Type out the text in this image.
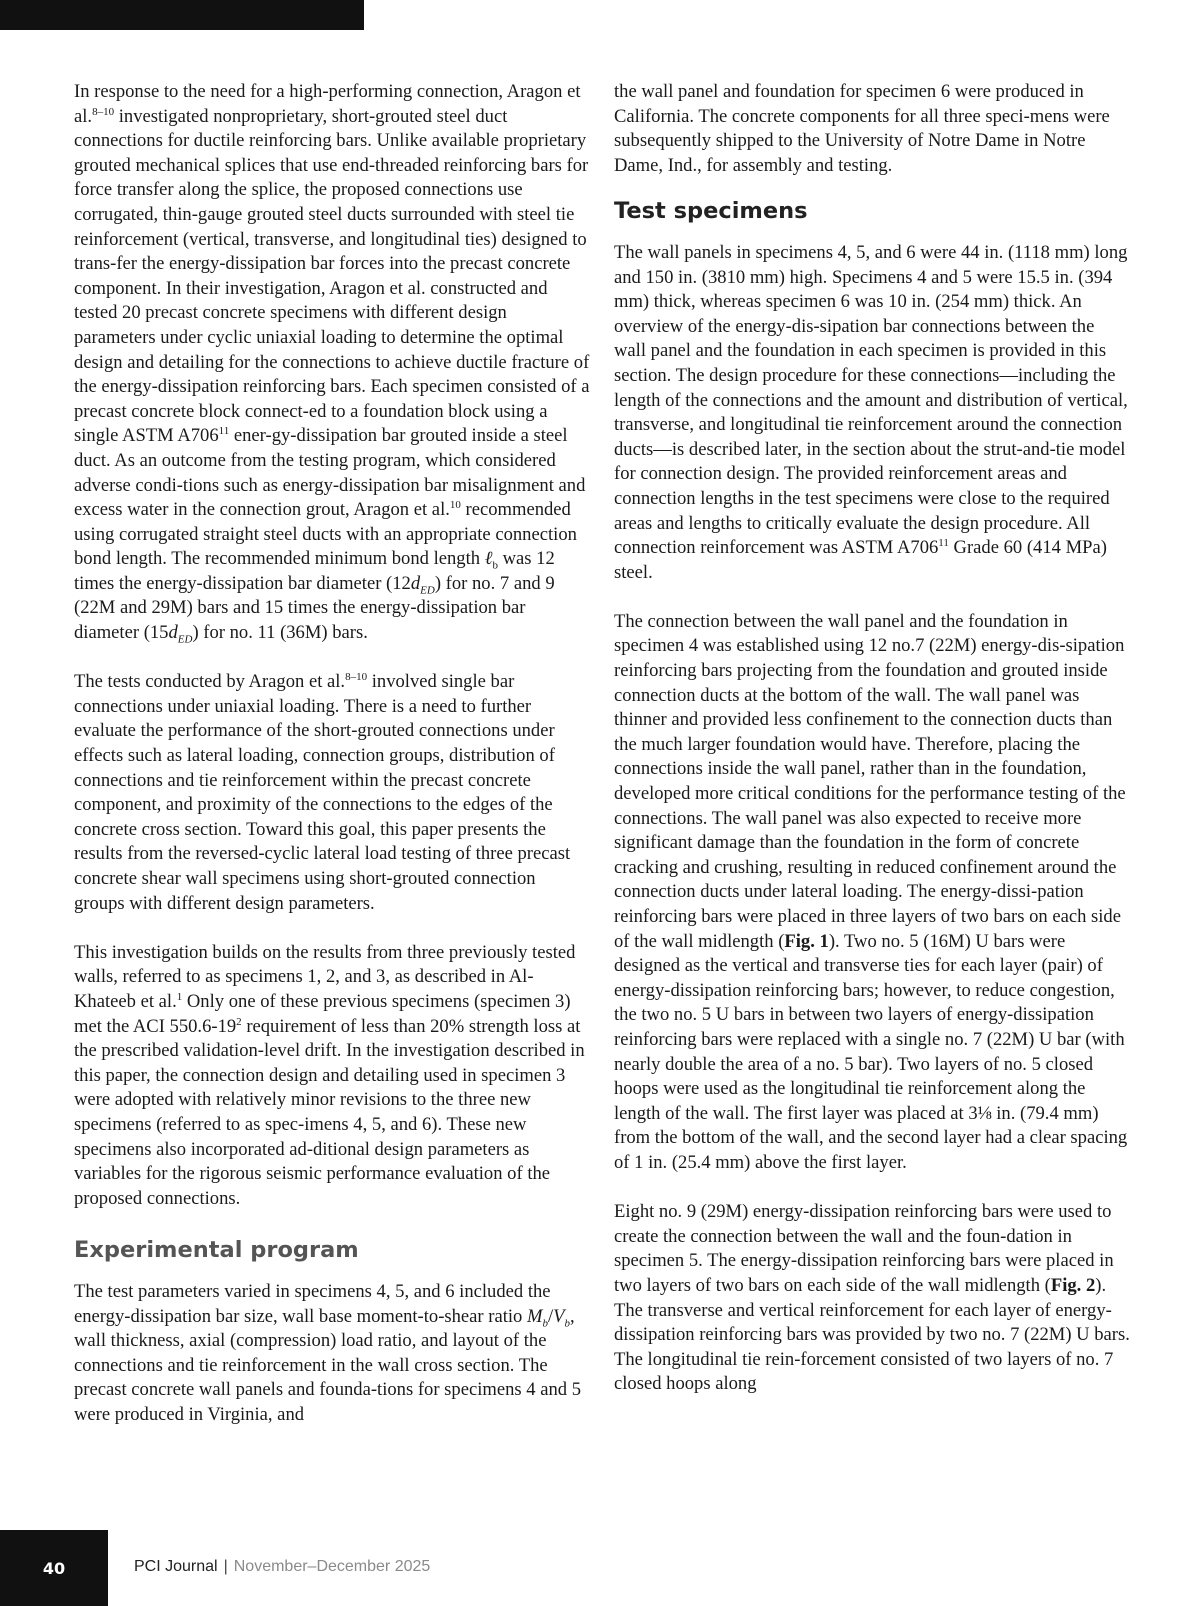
In response to the need for a high-performing connection, Aragon et al.$^{8-10}$ investigated nonproprietary, short-grouted steel duct connections for ductile reinforcing bars. Unlike available proprietary grouted mechanical splices that use end-threaded reinforcing bars for force transfer along the splice, the proposed connections use corrugated, thin-gauge grouted steel ducts surrounded with steel tie reinforcement (vertical, transverse, and longitudinal ties) designed to trans-fer the energy-dissipation bar forces into the precast concrete component. In their investigation, Aragon et al. constructed and tested 20 precast concrete specimens with different design parameters under cyclic uniaxial loading to determine the optimal design and detailing for the connections to achieve ductile fracture of the energy-dissipation reinforcing bars. Each specimen consisted of a precast concrete block connect-ed to a foundation block using a single ASTM $A706^{11}$ ener-gy-dissipation bar grouted inside a steel duct. As an outcome from the testing program, which considered adverse condi-tions such as energy-dissipation bar misalignment and excess water in the connection grout, Aragon et al.$^{10}$ recommended using corrugated straight steel ducts with an appropriate connection bond length. The recommended minimum bond length ℓ$_b$ was 12 times the energy-dissipation bar diameter $(12d_{ED})$ for no. 7 and 9 (22M and 29M) bars and 15 times the energy-dissipation bar diameter $(15d_{ED})$ for no. 11 (36M) bars.

The tests conducted by Aragon et al.$^{8-10}$ involved single bar connections under uniaxial loading. There is a need to further evaluate the performance of the short-grouted connections under effects such as lateral loading, connection groups, distribution of connections and tie reinforcement within the precast concrete component, and proximity of the connections to the edges of the concrete cross section. Toward this goal, this paper presents the results from the reversed-cyclic lateral load testing of three precast concrete shear wall specimens using short-grouted connection groups with different design parameters.

This investigation builds on the results from three previously tested walls, referred to as specimens 1, 2, and 3, as described in Al-Khateeb et al.$^1$ Only one of these previous specimens (specimen 3) met the ACI $550.6-19^2$ requirement of less than 20% strength loss at the prescribed validation-level drift. In the investigation described in this paper, the connection design and detailing used in specimen 3 were adopted with relatively minor revisions to the three new specimens (referred to as spec-imens 4, 5, and 6). These new specimens also incorporated ad-ditional design parameters as variables for the rigorous seismic performance evaluation of the proposed connections.

Experimental program

The test parameters varied in specimens 4, 5, and 6 included the energy-dissipation bar size, wall base moment-to-shear ratio $M_b/V_b$, wall thickness, axial (compression) load ratio, and layout of the connections and tie reinforcement in the wall cross section. The precast concrete wall panels and founda-tions for specimens 4 and 5 were produced in Virginia, and

the wall panel and foundation for specimen 6 were produced in California. The concrete components for all three speci-mens were subsequently shipped to the University of Notre Dame in Notre Dame, Ind., for assembly and testing.

Test specimens

The wall panels in specimens 4, 5, and 6 were 44 in. (1118 mm) long and 150 in. (3810 mm) high. Specimens 4 and 5 were 15.5 in. (394 mm) thick, whereas specimen 6 was 10 in. (254 mm) thick. An overview of the energy-dis-sipation bar connections between the wall panel and the foundation in each specimen is provided in this section. The design procedure for these connections—including the length of the connections and the amount and distribution of vertical, transverse, and longitudinal tie reinforcement around the connection ducts—is described later, in the section about the strut-and-tie model for connection design. The provided reinforcement areas and connection lengths in the test specimens were close to the required areas and lengths to critically evaluate the design procedure. All connection reinforcement was ASTM $A706^{11}$ Grade 60 (414 MPa) steel.

The connection between the wall panel and the foundation in specimen 4 was established using 12 no.7 (22M) energy-dis-sipation reinforcing bars projecting from the foundation and grouted inside connection ducts at the bottom of the wall. The wall panel was thinner and provided less confinement to the connection ducts than the much larger foundation would have. Therefore, placing the connections inside the wall panel, rather than in the foundation, developed more critical conditions for the performance testing of the connections. The wall panel was also expected to receive more significant damage than the foundation in the form of concrete cracking and crushing, resulting in reduced confinement around the connection ducts under lateral loading. The energy-dissi-pation reinforcing bars were placed in three layers of two bars on each side of the wall midlength (Fig. 1). Two no. 5 (16M) U bars were designed as the vertical and transverse ties for each layer (pair) of energy-dissipation reinforcing bars; however, to reduce congestion, the two no. 5 U bars in between two layers of energy-dissipation reinforcing bars were replaced with a single no. 7 (22M) U bar (with nearly double the area of a no. 5 bar). Two layers of no. 5 closed hoops were used as the longitudinal tie reinforcement along the length of the wall. The first layer was placed at 3⅛ in. (79.4 mm) from the bottom of the wall, and the second layer had a clear spacing of 1 in. (25.4 mm) above the first layer.

Eight no. 9 (29M) energy-dissipation reinforcing bars were used to create the connection between the wall and the foun-dation in specimen 5. The energy-dissipation reinforcing bars were placed in two layers of two bars on each side of the wall midlength (Fig. 2). The transverse and vertical reinforcement for each layer of energy-dissipation reinforcing bars was provided by two no. 7 (22M) U bars. The longitudinal tie rein-forcement consisted of two layers of no. 7 closed hoops along

40	PCI Journal | November–December 2025
